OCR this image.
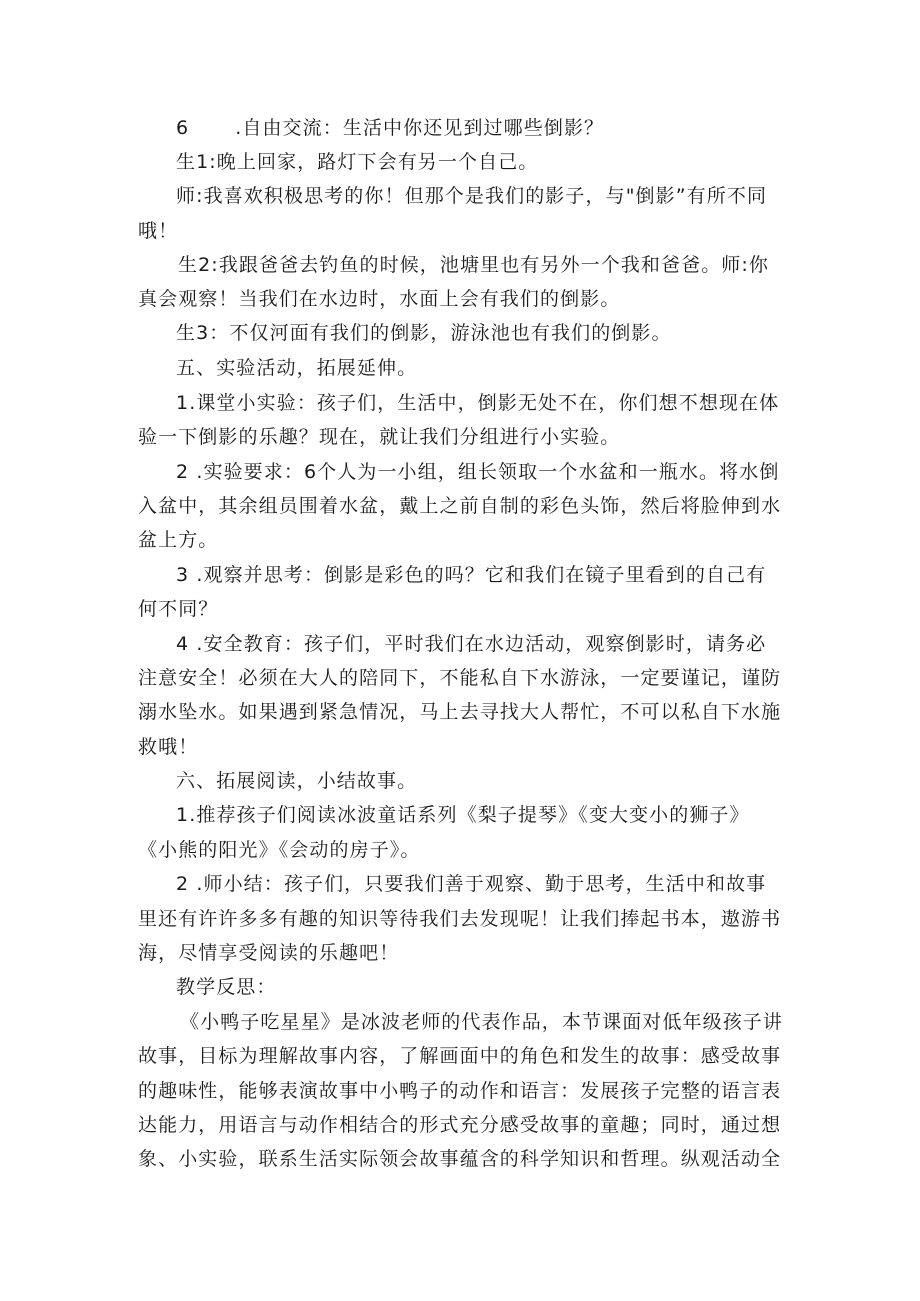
6 .自由交流：生活中你还见到过哪些倒影？
生1:晚上回家，路灯下会有另一个自己。
师:我喜欢积极思考的你！但那个是我们的影子，与"倒影”有所不同
哦！
生2:我跟爸爸去钓鱼的时候，池塘里也有另外一个我和爸爸。师:你
真会观察！当我们在水边时，水面上会有我们的倒影。
生3：不仅河面有我们的倒影，游泳池也有我们的倒影。
五、实验活动，拓展延伸。
1.课堂小实验：孩子们，生活中，倒影无处不在，你们想不想现在体
验一下倒影的乐趣？现在，就让我们分组进行小实验。
2 .实验要求：6个人为一小组，组长领取一个水盆和一瓶水。将水倒
入盆中，其余组员围着水盆，戴上之前自制的彩色头饰，然后将脸伸到水
盆上方。
3 .观察并思考：倒影是彩色的吗？它和我们在镜子里看到的自己有
何不同？
4 .安全教育：孩子们，平时我们在水边活动，观察倒影时，请务必
注意安全！必须在大人的陪同下，不能私自下水游泳，一定要谨记，谨防
溺水坠水。如果遇到紧急情况，马上去寻找大人帮忙，不可以私自下水施
救哦！
六、拓展阅读，小结故事。
1.推荐孩子们阅读冰波童话系列《梨子提琴》《变大变小的狮子》
《小熊的阳光》《会动的房子》。
2 .师小结：孩子们，只要我们善于观察、勤于思考，生活中和故事
里还有许许多多有趣的知识等待我们去发现呢！让我们捧起书本，遨游书
海，尽情享受阅读的乐趣吧！
教学反思：
《小鸭子吃星星》是冰波老师的代表作品，本节课面对低年级孩子讲
故事，目标为理解故事内容，了解画面中的角色和发生的故事：感受故事
的趣味性，能够表演故事中小鸭子的动作和语言：发展孩子完整的语言表
达能力，用语言与动作相结合的形式充分感受故事的童趣；同时，通过想
象、小实验，联系生活实际领会故事蕴含的科学知识和哲理。纵观活动全
